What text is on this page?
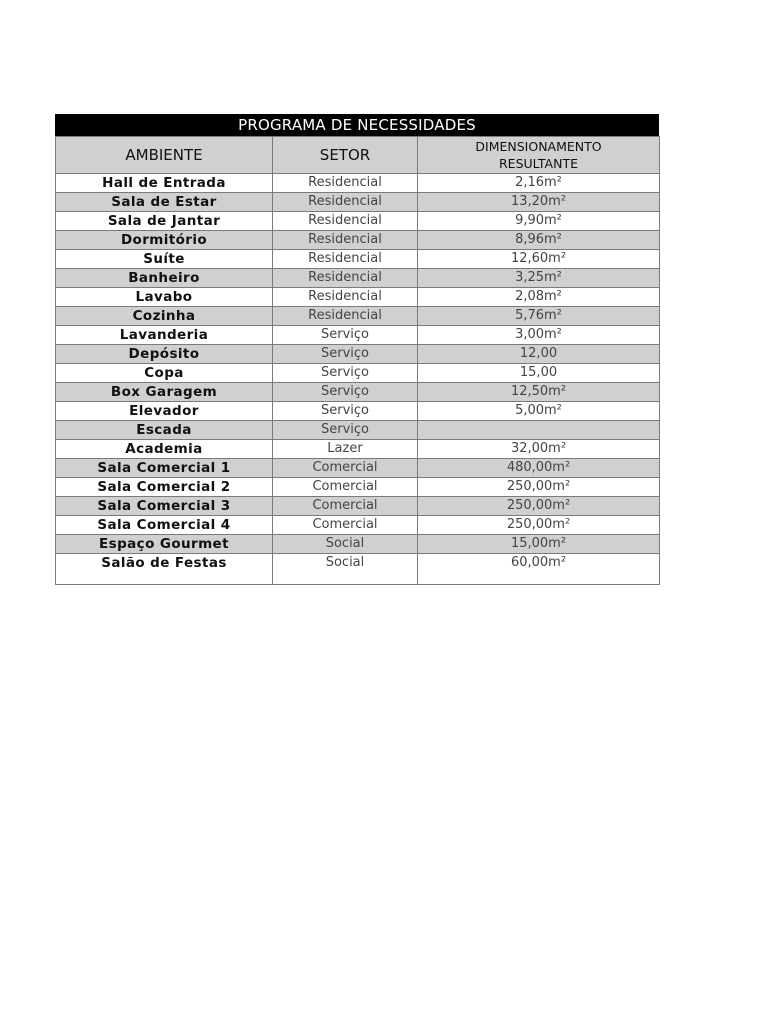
PROGRAMA DE NECESSIDADES
AMBIENTE	SETOR	DIMENSIONAMENTO
RESULTANTE

Hall de Entrada	Residencial	2,16m²
Sala de Estar	Residencial	13,20m²
Sala de Jantar	Residencial	9,90m²
Dormitório	Residencial	8,96m²
Suíte	Residencial	12,60m²
Banheiro	Residencial	3,25m²
Lavabo	Residencial	2,08m²
Cozinha	Residencial	5,76m²
Lavanderia	Serviço	3,00m²
Depósito	Serviço	12,00
Copa	Serviço	15,00
Box Garagem	Serviço	12,50m²
Elevador	Serviço	5,00m²
Escada	Serviço	
Academia	Lazer	32,00m²
Sala Comercial 1	Comercial	480,00m²
Sala Comercial 2	Comercial	250,00m²
Sala Comercial 3	Comercial	250,00m²
Sala Comercial 4	Comercial	250,00m²
Espaço Gourmet	Social	15,00m²
Salão de Festas	Social	60,00m²
